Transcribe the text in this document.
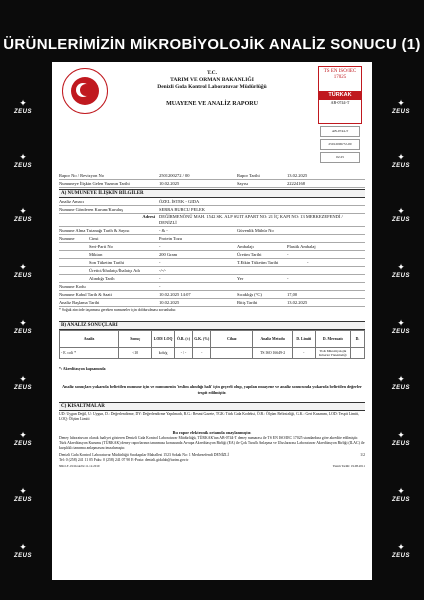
ÜRÜNLERİMİZİN MİKROBİYOLOJİK ANALİZ SONUCU (1)
✦
ZEUS
✦
ZEUS
✦
ZEUS
✦
ZEUS
✦
ZEUS
✦
ZEUS
✦
ZEUS
✦
ZEUS
✦
ZEUS
✦
ZEUS
✦
ZEUS
✦
ZEUS
✦
ZEUS
✦
ZEUS
✦
ZEUS
✦
ZEUS
✦
ZEUS
✦
ZEUS
T.C.
TARIM VE ORMAN BAKANLIĞI
Denizli Gıda Kontrol Laboratuvar Müdürlüğü
MUAYENE VE ANALİZ RAPORU
TS EN ISO/IEC 17025
TÜRKAK
AB-0744-T
AB-0744-T
25012000/72-00
02.25
Rapor No / Revizyon No	2501200272 / 00	Rapor Tarihi	13.02.2025
Numuneye İlişkin Gelen Yazının Tarihi	10.02.2025	Sayısı	22224168
A) NUMUNEYE İLİŞKİN BİLGİLER
Analiz Amacı	ÖZEL İSTEK - GIDA
Numune Gönderen Kurum/Kuruluş	SERRA BURCU PELEK
Adresi DEĞİRMENÖNÜ MAH. 1542 SK. ALP SUIT APART NO: 21 İÇ KAPI NO: 13 MERKEZEFENDİ / DENİZLİ
Numune Alma Tutanağı Tarih & Sayısı	- & -	Güvenlik Mühür No
Numune	Cinsi	Protein Tozu
Seri-Parti No	-	Ambalajı	Plastik Ambalaj
Miktarı	200 Gram	Üretim Tarihi	-
Son Tüketim Tarihi	-	T.Etkin Tüketim Tarihi	-
Üretici/İthalatçı/İhalatçı Adı	-/-/-
Alındığı Tarih	-	Yer	-
Numune Kodu	-
Numune Kabul Tarih & Saati	10.02.2025 14:07	Sıcaklığı (°C)	17,00
Analiz Başlama Tarihi	10.02.2025	Bitiş Tarihi	13.02.2025
* Soğuk zincirde taşınması gereken numuneler için doldurulması zorunludur.
B) ANALİZ SONUÇLARI
Analiz	Sonuç	LOD/ LOQ	Ö.B. (±)	G.K. (%)	Cihaz	Analiz Metodu	D. Limiti	D. Mevzuatı	D.
- E. coli *	<10	kob/g	- / -	-		TS ISO 16649-2	-	TGK Mikrobiyolojik Kriterler Yönetmeliği	
*: Akreditasyon kapsamında
Analiz sonuçları yukarıda belirtilen numune için ve numunenin 'teslim alındığı hali' için geçerli olup, yapılan muayene ve analiz sonucunda yukarıda belirtilen değerler tespit edilmiştir.
C) KISALTMALAR
UD: Uygun Değil, U: Uygun, D.: Değerlendirme, DY: Değerlendirme Yapılmadı, R.G.: Resmi Gazete, TGK: Türk Gıda Kodeksi, Ö.B.: Ölçüm Belirsizliği, G.K.: Geri Kazanım, LOD: Tespit Limiti, LOQ: Ölçüm Limiti
Bu rapor elektronik ortamda onaylanmıştır.
Deney laboratuvarı olarak faaliyet gösteren Denizli Gıda Kontrol Laboratuvar Müdürlüğü, TÜRKAK'tan AB-0744-T deney numarası ile TS EN ISO/IEC 17025 standardına göre akredite edilmiştir.
Türk Akreditasyon Kurumu (TÜRKAK) deney raporlarının tanınması konusunda Avrupa Akreditasyon Birliği (EA) ile Çok Taraflı Anlaşma ve Uluslararası Laboratuvar Akreditasyon Birliği (ILAC) ile karşılıklı tanınma anlaşmasını imzalamıştır.
Denizli Gıda Kontrol Laboratuvar Müdürlüğü Sırakapılar Mahallesi 1523 Sokak No: 1 Merkezefendi DENİZLİ	1/2
Tel: 0 (258) 241 11 05 Faks: 0 (258) 241 07 90 E-Posta: denizli.gidalab@tarim.gov.tr
NRO-F-19/Ocak/02.11.12.2019	Yazım Tarihi: 19.08.2011
